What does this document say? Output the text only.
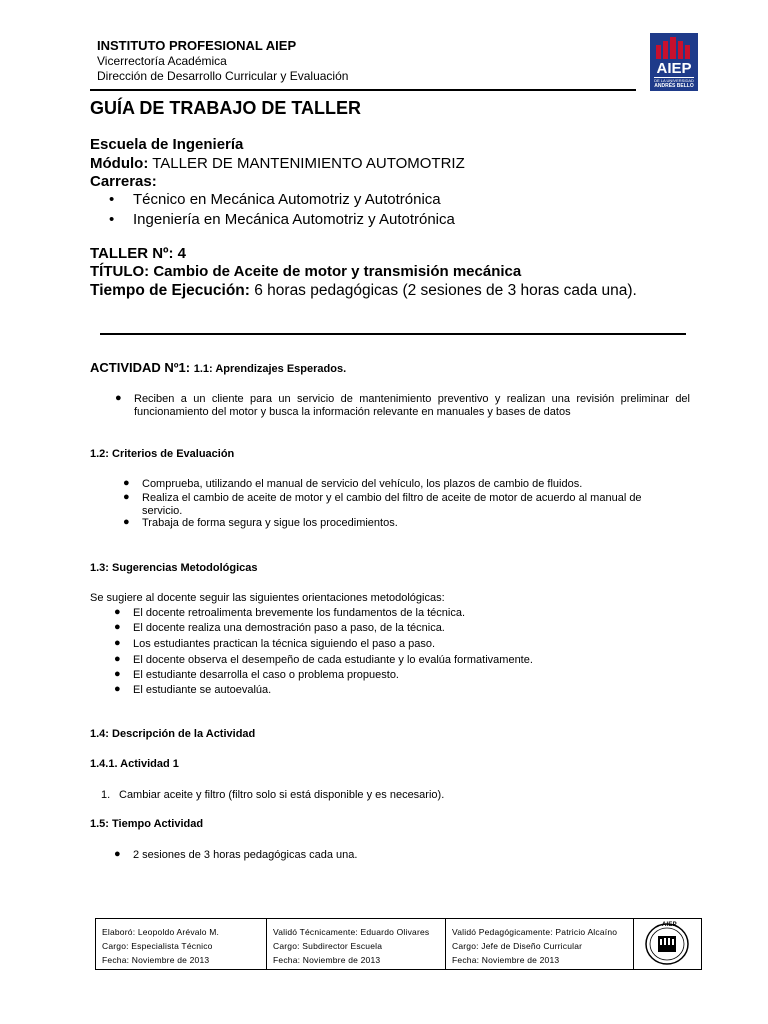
INSTITUTO PROFESIONAL AIEP
Vicerrectoría Académica
Dirección de Desarrollo Curricular y Evaluación	AIEP
DE LA UNIVERSIDAD
ANDRÉS BELLO
GUÍA DE TRABAJO DE TALLER
Escuela de Ingeniería
Módulo: TALLER DE MANTENIMIENTO AUTOMOTRIZ
Carreras:
• Técnico en Mecánica Automotriz y Autotrónica
• Ingeniería en Mecánica Automotriz y Autotrónica
TALLER Nº: 4
TÍTULO: Cambio de Aceite de motor y transmisión mecánica
Tiempo de Ejecución: 6 horas pedagógicas (2 sesiones de 3 horas cada una).
ACTIVIDAD Nº1: 1.1: Aprendizajes Esperados.
● Reciben a un cliente para un servicio de mantenimiento preventivo y realizan una revisión preliminar del funcionamiento del motor y busca la información relevante en manuales y bases de datos
1.2: Criterios de Evaluación
● Comprueba, utilizando el manual de servicio del vehículo, los plazos de cambio de fluidos.
● Realiza el cambio de aceite de motor y el cambio del filtro de aceite de motor de acuerdo al manual de servicio.
● Trabaja de forma segura y sigue los procedimientos.
1.3: Sugerencias Metodológicas
Se sugiere al docente seguir las siguientes orientaciones metodológicas:
● El docente retroalimenta brevemente los fundamentos de la técnica.
● El docente realiza una demostración paso a paso, de la técnica.
● Los estudiantes practican la técnica siguiendo el paso a paso.
● El docente observa el desempeño de cada estudiante y lo evalúa formativamente.
● El estudiante desarrolla el caso o problema propuesto.
● El estudiante se autoevalúa.
1.4: Descripción de la Actividad
1.4.1. Actividad 1
1. Cambiar aceite y filtro (filtro solo si está disponible y es necesario).
1.5: Tiempo Actividad
● 2 sesiones de 3 horas pedagógicas cada una.
Elaboró: Leopoldo Arévalo M.
Cargo: Especialista Técnico
Fecha: Noviembre de 2013
Validó Técnicamente: Eduardo Olivares
Cargo: Subdirector Escuela
Fecha: Noviembre de 2013
Validó Pedagógicamente: Patricio Alcaíno
Cargo: Jefe de Diseño Curricular
Fecha: Noviembre de 2013
AIEP
